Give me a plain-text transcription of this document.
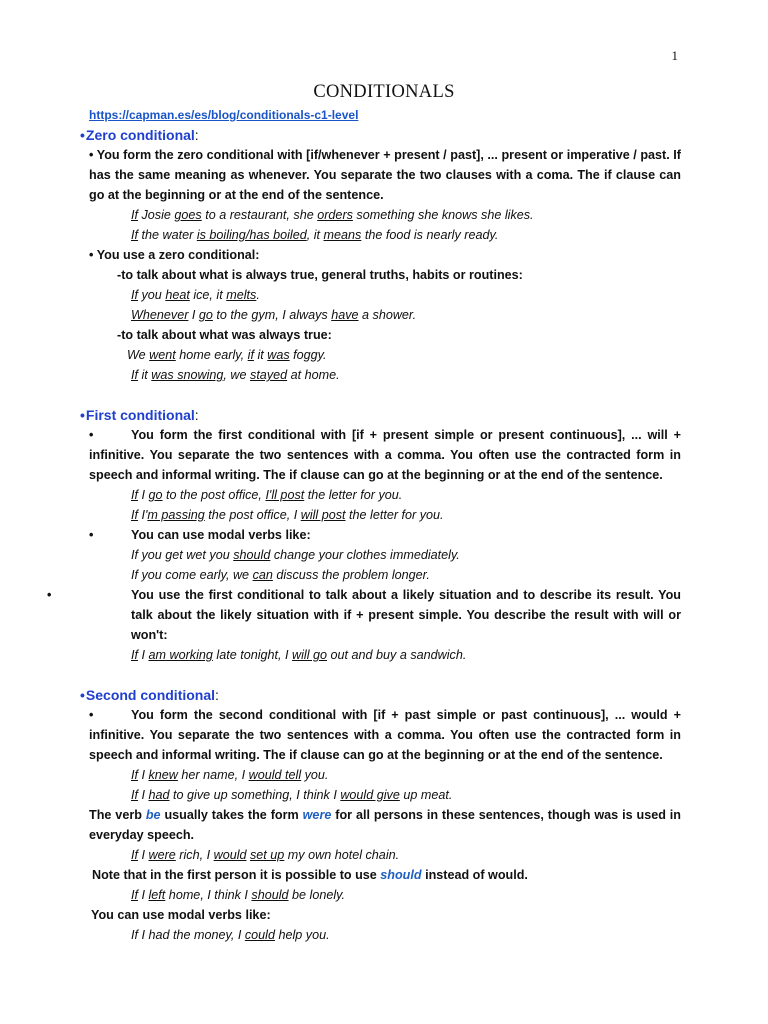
1
CONDITIONALS
https://capman.es/es/blog/conditionals-c1-level
•Zero conditional:

• You form the zero conditional with [if/whenever + present / past], ... present or imperative / past. If has the same meaning as whenever. You separate the two clauses with a coma. The if clause can go at the beginning or at the end of the sentence.

If Josie goes to a restaurant, she orders something she knows she likes.

If the water is boiling/has boiled, it means the food is nearly ready.

• You use a zero conditional:

-to talk about what is always true, general truths, habits or routines:

If you heat ice, it melts.

Whenever I go to the gym, I always have a shower.

-to talk about what was always true:

We went home early, if it was foggy.

If it was snowing, we stayed at home.

•First conditional:

•	You form the first conditional with [if + present simple or present continuous], ... will + infinitive. You separate the two sentences with a comma. You often use the contracted form in speech and informal writing. The if clause can go at the beginning or at the end of the sentence.

If I go to the post office, I'll post the letter for you.

If I'm passing the post office, I will post the letter for you.

•	You can use modal verbs like:

If you get wet you should change your clothes immediately.

If you come early, we can discuss the problem longer.

•	You use the first conditional to talk about a likely situation and to describe its result. You talk about the likely situation with if + present simple. You describe the result with will or won't:

If I am working late tonight, I will go out and buy a sandwich.

•Second conditional:

•	You form the second conditional with [if + past simple or past continuous], ... would + infinitive. You separate the two sentences with a comma. You often use the contracted form in speech and informal writing. The if clause can go at the beginning or at the end of the sentence.

If I knew her name, I would tell you.

If I had to give up something, I think I would give up meat.

The verb be usually takes the form were for all persons in these sentences, though was is used in everyday speech.

If I were rich, I would set up my own hotel chain.

Note that in the first person it is possible to use should instead of would.

If I left home, I think I should be lonely.

You can use modal verbs like:

If I had the money, I could help you.
